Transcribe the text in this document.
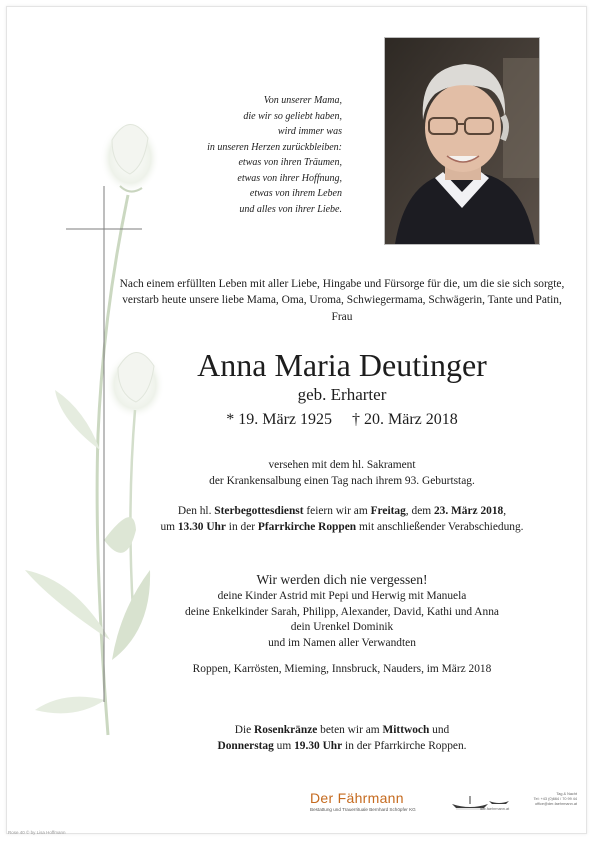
Von unserer Mama,
die wir so geliebt haben,
wird immer was
in unseren Herzen zurückbleiben:
etwas von ihren Träumen,
etwas von ihrer Hoffnung,
etwas von ihrem Leben
und alles von ihrer Liebe.
Nach einem erfüllten Leben mit aller Liebe, Hingabe und Fürsorge für die, um die sie sich sorgte, verstarb heute unsere liebe Mama, Oma, Uroma, Schwiegermama, Schwägerin, Tante und Patin, Frau
Anna Maria Deutinger
geb. Erharter
* 19. März 1925 † 20. März 2018
versehen mit dem hl. Sakrament
der Krankensalbung einen Tag nach ihrem 93. Geburtstag.
Den hl. Sterbegottesdienst feiern wir am Freitag, dem 23. März 2018,
um 13.30 Uhr in der Pfarrkirche Roppen mit anschließender Verabschiedung.
Wir werden dich nie vergessen!
deine Kinder Astrid mit Pepi und Herwig mit Manuela
deine Enkelkinder Sarah, Philipp, Alexander, David, Kathi und Anna
dein Urenkel Dominik
und im Namen aller Verwandten
Roppen, Karrösten, Mieming, Innsbruck, Nauders, im März 2018
Die Rosenkränze beten wir am Mittwoch und
Donnerstag um 19.30 Uhr in der Pfarrkirche Roppen.
Der Fährmann
Bestattung und Trauerrituale Bernhard Schöpfer KG
Tag & Nacht
Tel: +43 (0)664 / 70 99 44
office@der-faehrmann.at
der-faehrmann.at
Rose 40 © by Lisa Hoffmann
